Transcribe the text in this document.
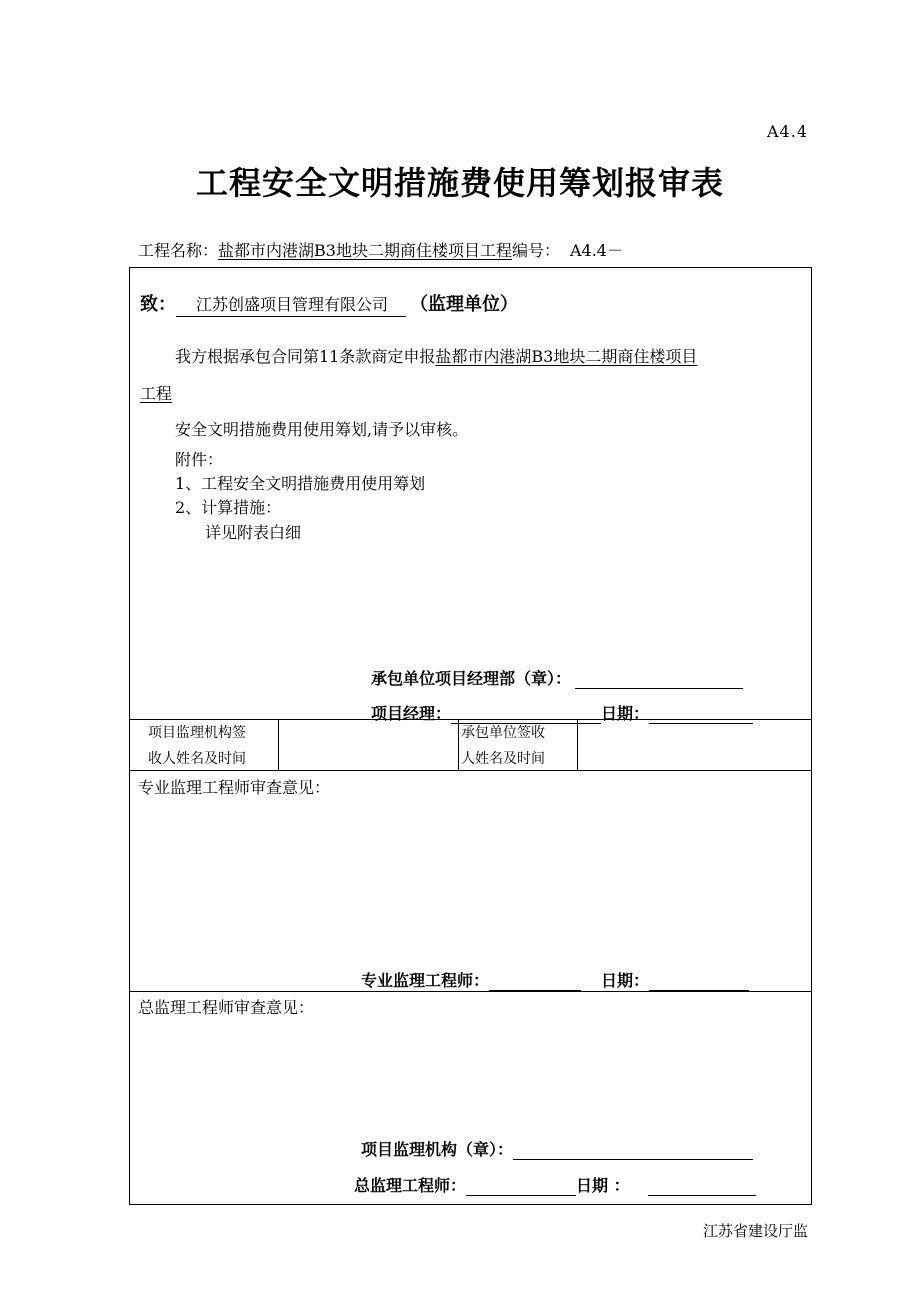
A4.4
工程安全文明措施费使用筹划报审表
工程名称：盐都市内港湖B3地块二期商住楼项目工程编号： A4.4－
致： 江苏创盛项目管理有限公司 （监理单位）
我方根据承包合同第11条款商定申报盐都市内港湖B3地块二期商住楼项目
工程
安全文明措施费用使用筹划,请予以审核。
附件：
1、工程安全文明措施费用使用筹划
2、计算措施：
详见附表白细
承包单位项目经理部（章）：
项目经理：	日期：
项目监理机构签
收人姓名及时间
承包单位签收
人姓名及时间
专业监理工程师审查意见：
专业监理工程师：	日期：
总监理工程师审查意见：
项目监理机构（章）：
总监理工程师：	日期 ：
江苏省建设厅监
